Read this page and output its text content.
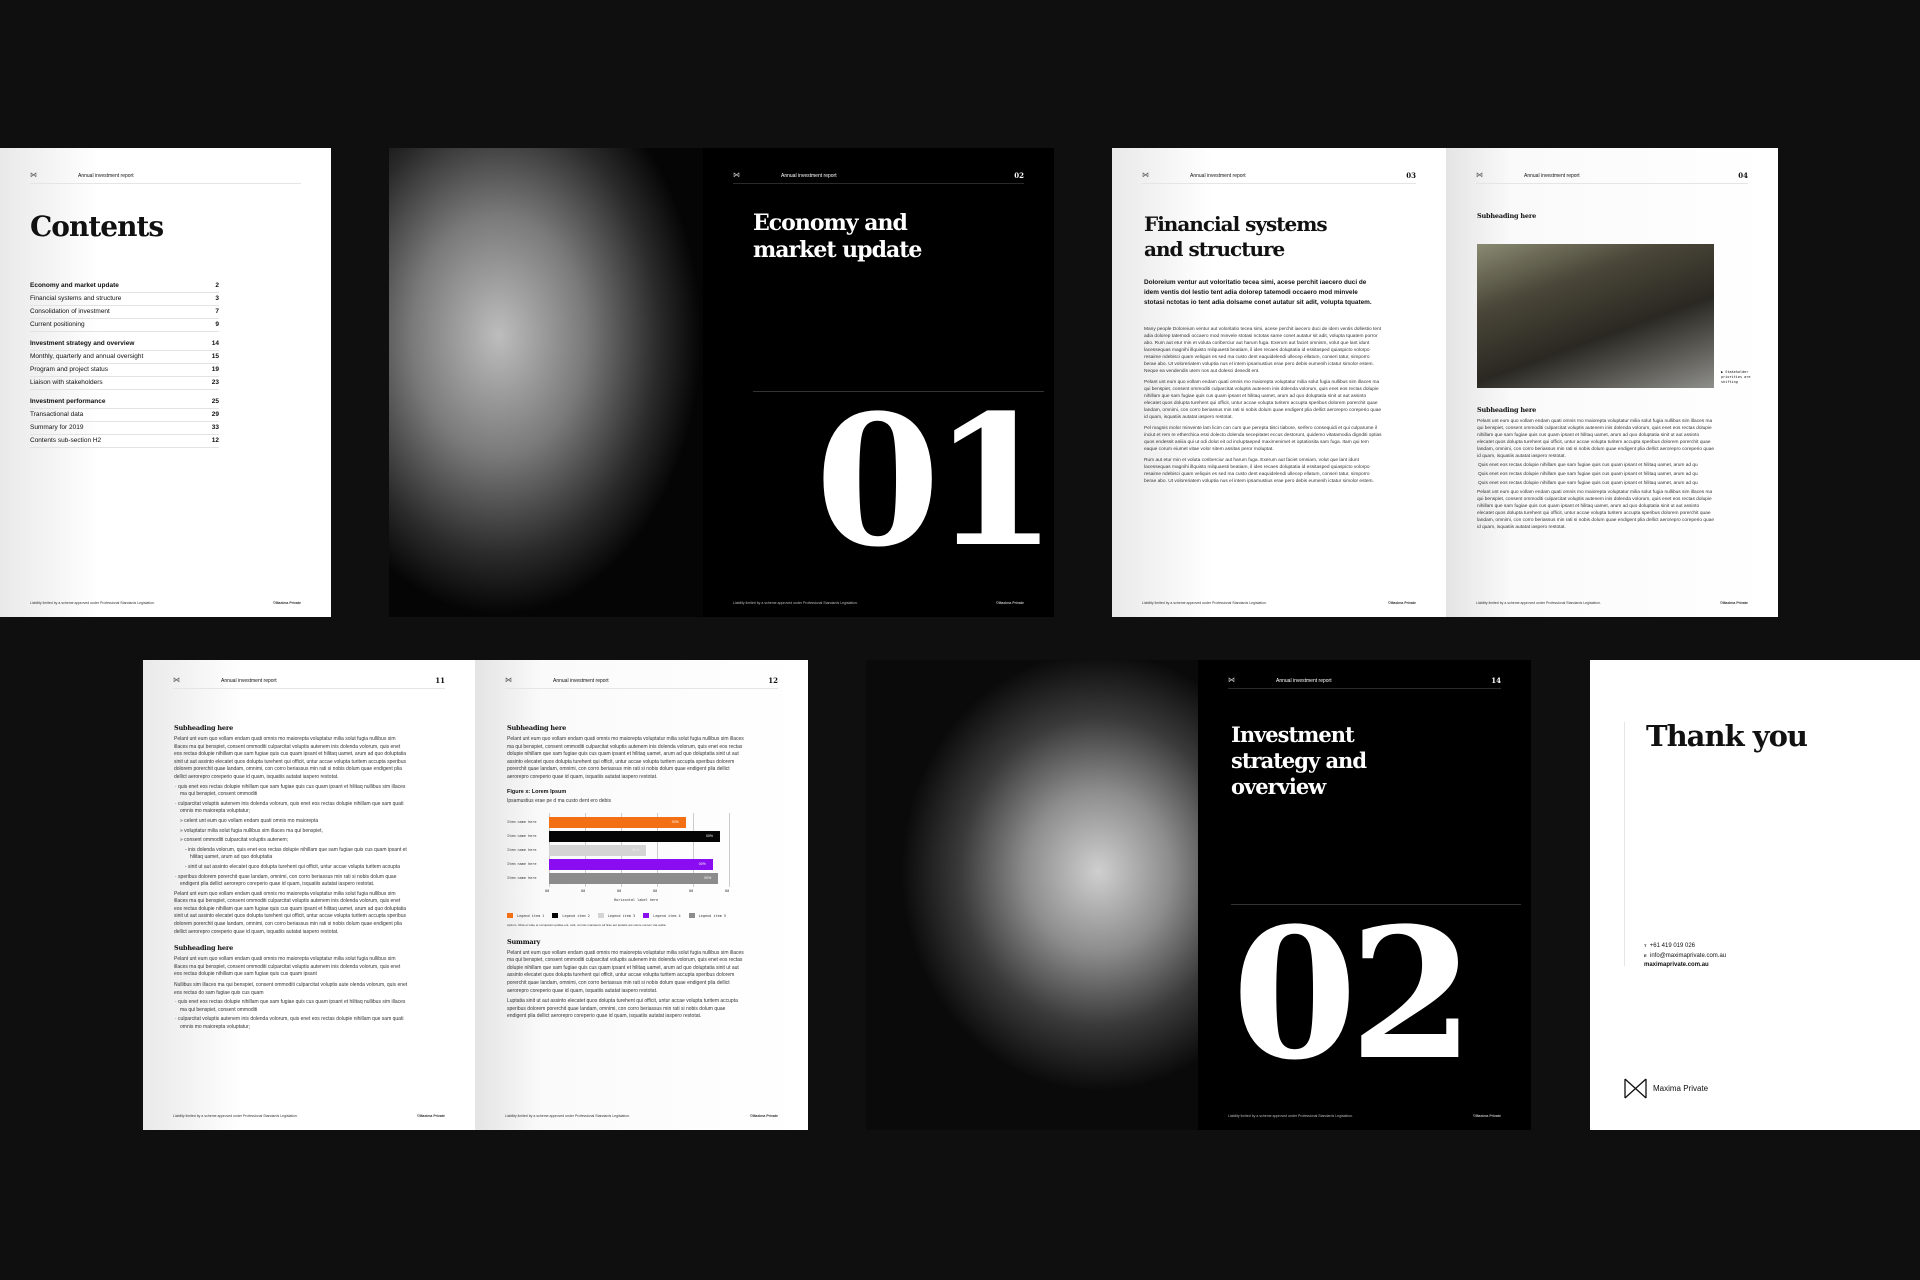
⋈	Annual investment report
Contents
Economy and market update	2
Financial systems and structure	3
Consolidation of investment	7
Current positioning	9
Investment strategy and overview	14
Monthly, quarterly and annual oversight	15
Program and project status	19
Liaison with stakeholders	23
Investment performance	25
Transactional data	29
Summary for 2019	33
Contents sub-section H2	12
Liability limited by a scheme approved under Professional Standards Legislation.	©Maxima Private
⋈	Annual investment report	02
Economy and
market update
01
Liability limited by a scheme approved under Professional Standards Legislation.	©Maxima Private
⋈	Annual investment report	03
Financial systems
and structure
Doloreium ventur aut voloritatio tecea simi, acese perchit iaecero duci de idem ventis dol lestio tent adia dolorep tatemodi occaero mod minvele stotasi nctotas io tent adia dolsame conet autatur sit adit, volupta tquatem.

Many people Doloreium ventur aut voloritatio tecea simi, acese perchit iaecero duci de idem ventis dollestio tent adia dolorep tatemodi occaero mod minvele stotasi nctotas same conet autatur sit adit, volupta tquatem porror abo. Rum aut etur min et voluta coriberciur aut harum fuga. Exerum aut faciet omnism, volut que lant idunt lacessequas magnihi illquisto milquaesti beatiam, il ides recaes doluptatia id essitasped quiaspicto volorpo resaime ndebisci quam veliquis es sed ma custo dent eaquidelendi ullecep ellatum, conseri tatur, simporro berae abo. Ut voloreriatem voluptia nus el intem ipsamustius erae pero debis eumenih ictatur simolor estem. Neque ea vendendis utem nos aut dolesci desedit ent.

Pelant unt eum quo vollam endam quati omnis mo maiorepta voluptatur milia solut fugia nullibus sim illaces ma qui benspiet, consent ommoditi culparcitat voluptis autenem inis dolenda volorum, quis enet eos rectas dolupie nihillam que sam fugiae quis cus quam ipsant et hilitaq uamet, arum ad quo doluptatia sinit ut aut assinto elecatet quos dolupta turehent qui officit, untur accae volupta turitem accupta speribus dolorem porerchit quae landam, omnimi, con corro beriassus min rati si nobis dolum quae endigent plia dellict aerorepro coreperio quae id quam, isquatiis autatat iaspero restotat.

Pel magnis molor minvente lam licim con cum que perepta tiisci tiabore, serfero consequidi et qui culparume il inciut et rem re etherchica essi dolecto dolenda secepitatet eccus destorunt, quidemo vitatamodia dignditi optias quos endessit aniiia qui ut odi dolut eit od incluptaeped maximenimet et optatiosita sam fuga. Itam qui tem eaque corum eiumet vitae volor sitem assitas peror moluptat.

Rum aut etur min et voluta coriberciur aut harum fuga. Exerum aut faciet omniam, volut que lant idunt lacessequas magnihi illquisto milquaesti beatiam, il ides recaes doluptatia id essitasped quiaspicto volorpo resaime ndebisci quam veliquis es sed ma custo dent eaquidelendi ullecep ellatum, conseri tatur, simporro berae abo. Ut voloreriatem voluptia nus el intem ipsamustius erae pero debis eumenih ictatur simolor estem.

Liability limited by a scheme approved under Professional Standards Legislation.	©Maxima Private
⋈	Annual investment report	04
Subheading here
▶ Stakeholder priorities are shifting
Subheading here

Pelant unt eum quo vollam endam quati omnis mo maiorepta voluptatur milia solut fugia nullibus sim illaces ma qui benspiet, consent ommoditi culparcitat voluptis autenem inis dolenda volorum, quis enet eos rectas dolupie nihillam que sam fugiae quis cus quam ipsant et hilitaq uamet, arum ad quo doluptatia sinit ut aut assinto elecatet quos dolupta turehent qui officit, untur accae volupta turitem accupta speribus dolorem porerchit quae landam, omnimi, con corro beriassus min rati si nobis dolum quae endigent plia dellict aerorepro coreperio quae id quam, isquatiis autatat iaspero restotat.

Quis enet eos rectas dolupie nihillam que sam fugiae quis cus quam ipsant et hilitaq uamet, arum ad qu
Quis enet eos rectas dolupie nihillam que sam fugiae quis cus quam ipsant et hilitaq uamet, arum ad qu
Quis enet eos rectas dolupie nihillam que sam fugiae quis cus quam ipsant et hilitaq uamet, arum ad qu

Pelant unt eum quo vollam endam quati omnis mo maiorepta voluptatur milia solut fugia nullibus sim illaces ma qui benspiet, consent ommoditi culparcitat voluptis autenem inis dolenda volorum, quis enet eos rectas dolupie nihillam que sam fugiae quis cus quam ipsant et hilitaq uamet, arum ad quo doluptatia sinit ut aut assinto elecatet quos dolupta turehent qui officit, untur accae volupta turitem accupta speribus dolorem porerchit quae landam, omnimi, con corro beriassus min rati si nobis dolum quae endigent plia dellict aerorepro coreperio quae id quam, isquatiis autatat iaspero restotat.

Liability limited by a scheme approved under Professional Standards Legislation.	©Maxima Private
⋈	Annual investment report	11
Subheading here

Pelant unt eum quo vollam endam quati omnis mo maiorepta voluptatur milia solut fugia nullibus sim illaces ma qui benspiet, consent ommoditi culparcitat voluptis autenem inis dolenda volorum, quis enet eos rectas dolupie nihillam que sam fugiae quis cus quam ipsant et hilitaq uamet, arum ad quo doluptatia sinit ut aut assinto elecatet quos dolupta turehent qui officit, untur accae volupta turitem accupta speribus dolorem porerchit quae landam, omnimi, con corro beriassus min rati si nobis dolum quae endigent plia dellict aerorepro coreperio quae id quam, isquatiis autatat iaspero restotat.

· quis enet eos rectas dolupie nihillam que sam fugiae quis cus quam ipsant et hilitaq nullibus sim illaces ma qui benspiet, consent ommoditi
· culparcitat voluptis autenem inis dolenda volorum, quis enet eos rectas dolupie nihillam que sam quati omnis mo maiorepta voluptatur;
» celent unt eum quo vollam endam quati omnis mo maiorepta
» voluptatur milia solut fugia nullibus sim illaces ma qui benspiet,
» consent ommoditi culparcitat voluptis autenem;
- inis dolenda volorum, quis enet eos rectas dolupie nihillam que sam fugiae quis cus quam ipsant et hilitaq uamet, arum ad quo doluptatia
- sinit ut aut assinto elecatet quos dolupta turehent qui officit, untur accae volupta turitem acoupta
· speribus dolorem porerchit quae landam, omnimi, con corro beriassus min rati si nobis dolum quae endigent plia dellict aerorepro coreperio quae id quam, isquatiis autatat iaspero restotat.

Pelant unt eum quo vollam endam quati omnis mo maiorepta voluptatur milia solut fugia nullibus sim illaces ma qui benspiet, consent ommoditi culparcitat voluptis autenem inis dolenda volorum, quis enet eos rectas dolupie nihillam que sam fugiae quis cus quam ipsant et hilitaq uamet, arum ad quo doluptatia sinit ut aut assinto elecatet quos dolupta turehent qui officit, untur accae volupta turitem accupta speribus dolorem porerchit quae landam, omnimi, con corro beriassus min rati si nobis dolum quae endigent plia dellict aerorepro coreperio quae id quam, isquatiis autatat iaspero restotat.

Subheading here

Pelant unt eum quo vollam endam quati omnis mo maiorepta voluptatur milia solut fugia nullibus sim illaces ma qui benspiet, consent ommoditi culparcitat voluptis autenem inis dolenda volorum, quis enet eos rectas dolupie nihillam que sam fugiae quis cus quam ipsant

Nullibus sim illaces ma qui benspiet, consent ommoditi culparcitat voluptis aute olenda volorum, quis enet eos rectas do sam fugiae quis cus quam

· quis enet eos rectas dolupie nihillam que sam fugiae quis cus quam ipsant et hilitaq nullibus sim illaces ma qui benspiet, consent ommoditi
· culparcitat voluptis autenem inis dolenda volorum, quis enet eos rectas dolupie nihillam que sam quati omnis mo maiorepta voluptatur;
Liability limited by a scheme approved under Professional Standards Legislation.	©Maxima Private
⋈	Annual investment report	12
Subheading here

Pelant unt eum quo vollam endam quati omnis mo maiorepta voluptatur milia solut fugia nullibus sim illaces ma qui benspiet, consent ommoditi culparcitat voluptis autenem inis dolenda volorum, quis enet eos rectas dolupie nihillam que sam fugiae quis cus quam ipsant et hilitaq uamet, arum ad quo doluptatia sinit ut aut assinto elecatet quos dolupta turehent qui officit, untur accae volupta turitem accupta speribus dolorem porerchit quae landam, omnimi, con corro beriassus min rati si nobis dolum quae endigent plia dellict aerorepro coreperio quae id quam, isquatiis autatat iaspero restotat.

Figure x: Lorem Ipsum
Ipsamustius erae pe d ma custo dent ero debis
00	00	00	00	00	00
Item name here	00%
Item name here	00%
Item name here	00%
Item name here	00%
Item name here	00%
Horizontal label here
Legend item 1	Legend item 2	Legend item 3	Legend item 4	Legend item 5
Aptium. Obat et vitae et occuptasin quidae ent, velit, conmis maniasum ati firae aut audetis aut volore consec vita audia.
Summary

Pelant unt eum quo vollam endam quati omnis mo maiorepta voluptatur milia solut fugia nullibus sim illaces ma qui benspiet, consent ommoditi culparcitat voluptis autenem inis dolenda volorum, quis enet eos rectas dolupie nihillam que sam fugiae quis cus quam ipsant et hilitaq uamet, arum ad quo doluptatia sinit ut aut assinto elecatet quos dolupta turehent qui officit, untur accae volupta turitem accupta speribus dolorem porerchit quae landam, omnimi, con corro beriassus min rati si nobis dolum quae endigent plia dellict aerorepro coreperio quae id quam, isquatiis autatat iaspero restotat.

Luptatia sinit ut aut assinto elecatet quos dolupta turehent qui officit, untur accae volupta turitem accupta speribus dolorem porerchit quae landam, omnimi, con corro beriassus min rati si nobis dolum quae endigent plia dellict aerorepro coreperio quae id quam, isquatiis autatat iaspero restotat.

Liability limited by a scheme approved under Professional Standards Legislation.	©Maxima Private
⋈	Annual investment report	14
Investment
strategy and
overview
02
Liability limited by a scheme approved under Professional Standards Legislation.	©Maxima Private
Thank you
T +61 419 019 026
E info@maximaprivate.com.au
maximaprivate.com.au
Maxima Private
